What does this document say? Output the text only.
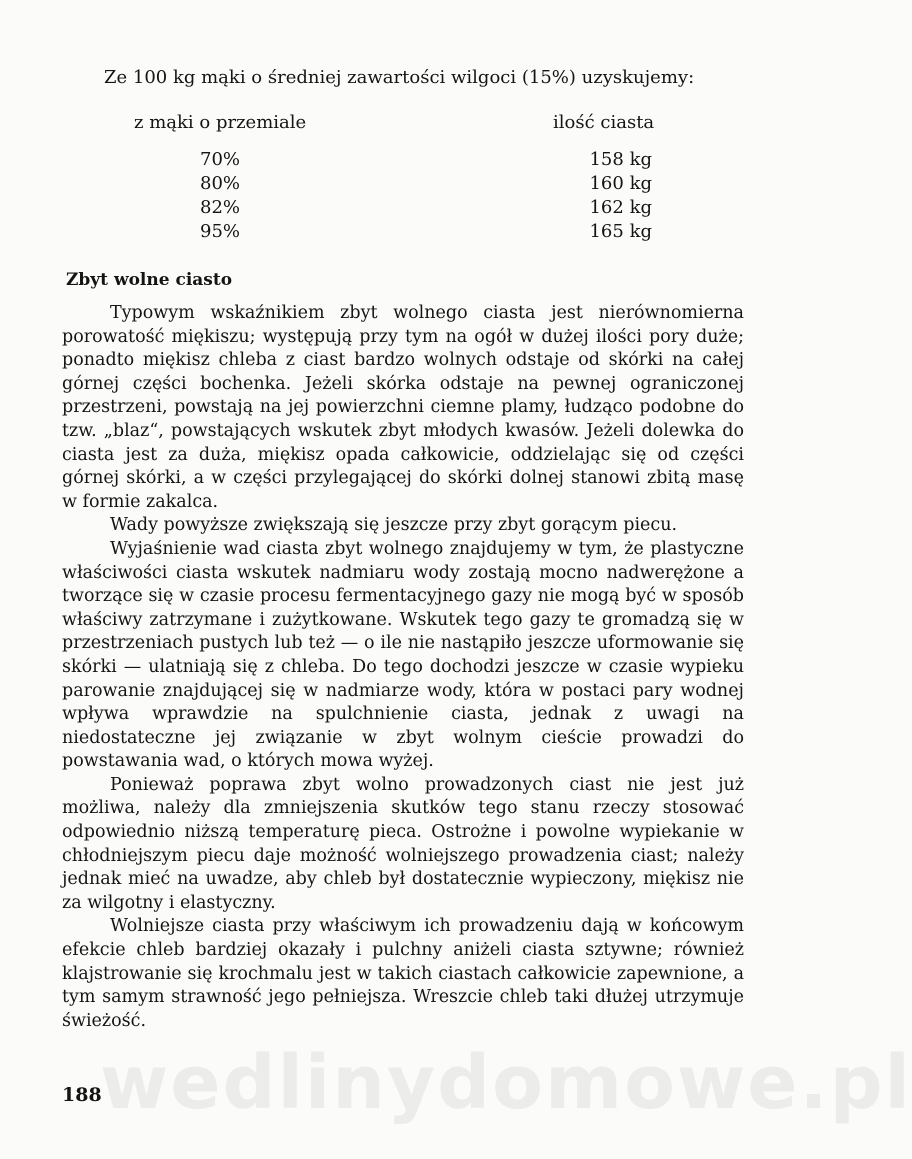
Ze 100 kg mąki o średniej zawartości wilgoci (15%) uzyskujemy:
z mąki o przemiale	ilość ciasta
70%	158 kg
80%	160 kg
82%	162 kg
95%	165 kg
Zbyt wolne ciasto

Typowym wskaźnikiem zbyt wolnego ciasta jest nierównomierna porowatość miękiszu; występują przy tym na ogół w dużej ilości pory duże; ponadto miękisz chleba z ciast bardzo wolnych odstaje od skórki na całej górnej części bochenka. Jeżeli skórka odstaje na pewnej ograniczonej przestrzeni, powstają na jej powierzchni ciemne plamy, łudząco podobne do tzw. „blaz“, powstających wskutek zbyt młodych kwasów. Jeżeli dolewka do ciasta jest za duża, miękisz opada całkowicie, oddzielając się od części górnej skórki, a w części przylegającej do skórki dolnej stanowi zbitą masę w formie zakalca.

Wady powyższe zwiększają się jeszcze przy zbyt gorącym piecu.

Wyjaśnienie wad ciasta zbyt wolnego znajdujemy w tym, że plastyczne właściwości ciasta wskutek nadmiaru wody zostają mocno nadwerężone a tworzące się w czasie procesu fermentacyjnego gazy nie mogą być w sposób właściwy zatrzymane i zużytkowane. Wskutek tego gazy te gromadzą się w przestrzeniach pustych lub też — o ile nie nastąpiło jeszcze uformowanie się skórki — ulatniają się z chleba. Do tego dochodzi jeszcze w czasie wypieku parowanie znajdującej się w nadmiarze wody, która w postaci pary wodnej wpływa wprawdzie na spulchnienie ciasta, jednak z uwagi na niedostateczne jej związanie w zbyt wolnym cieście prowadzi do powstawania wad, o których mowa wyżej.

Ponieważ poprawa zbyt wolno prowadzonych ciast nie jest już możliwa, należy dla zmniejszenia skutków tego stanu rzeczy stosować odpowiednio niższą temperaturę pieca. Ostrożne i powolne wypiekanie w chłodniejszym piecu daje możność wolniejszego prowadzenia ciast; należy jednak mieć na uwadze, aby chleb był dostatecznie wypieczony, miękisz nie za wilgotny i elastyczny.

Wolniejsze ciasta przy właściwym ich prowadzeniu dają w końcowym efekcie chleb bardziej okazały i pulchny aniżeli ciasta sztywne; również klajstrowanie się krochmalu jest w takich ciastach całkowicie zapewnione, a tym samym strawność jego pełniejsza. Wreszcie chleb taki dłużej utrzymuje świeżość.

wedlinydomowe.pl
188
